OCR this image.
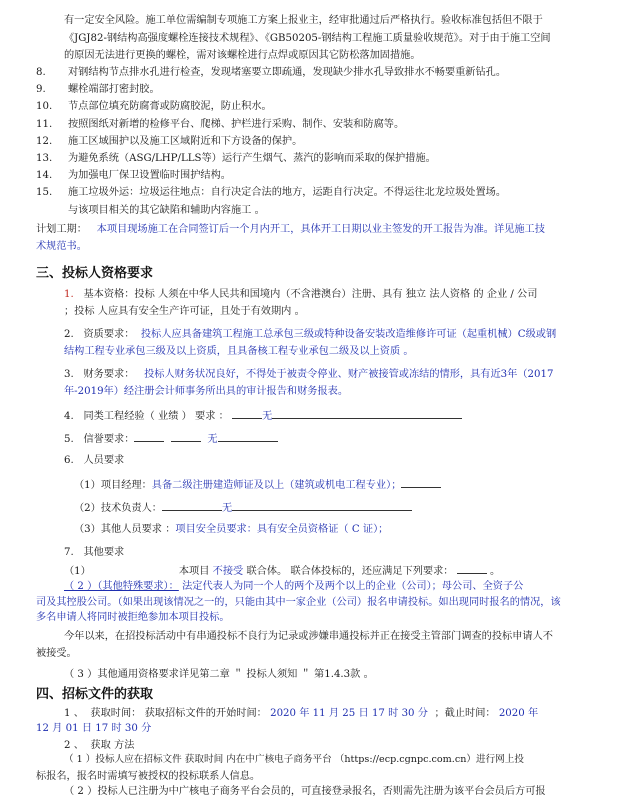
有一定安全风险。施工单位需编制专项施工方案上报业主，经审批通过后严格执行。验收标准包括但不限于
《JGJ82-钢结构高强度螺栓连接技术规程》、《GB50205-钢结构工程施工质量验收规范》。对于由于施工空间
的原因无法进行更换的螺栓，需对该螺栓进行点焊或原因其它防松落加固措施。
8. 对钢结构节点排水孔进行检查，发现堵塞要立即疏通，发现缺少排水孔导致排水不畅要重新钻孔。
9. 螺栓端部打密封胶。
10. 节点部位填充防腐膏或防腐胶泥，防止积水。
11. 按照图纸对新增的检修平台、爬梯、护栏进行采购、制作、安装和防腐等。
12. 施工区域围护以及施工区域附近和下方设备的保护。
13. 为避免系统（ASG/LHP/LLS等）运行产生烟气、蒸汽的影响而采取的保护措施。
14. 为加强电厂保卫设置临时围护结构。
15. 施工垃圾外运：垃圾运往地点：自行决定合法的地方，运距自行决定。不得运往北龙垃圾处置场。
与该项目相关的其它缺陷和辅助内容施工 。
计划工期： 本项目现场施工在合同签订后一个月内开工，具体开工日期以业主签发的开工报告为准。详见施工技
术规范书。
三、投标人资格要求
1. 基本资格：投标 人须在中华人民共和国境内（不含港澳台）注册、具有 独立 法人资格 的 企业 / 公司
；投标 人应具有安全生产许可证，且处于有效期内 。
2. 资质要求： 投标人应具备建筑工程施工总承包三级或特种设备安装改造维修许可证（起重机械）C级或钢
结构工程专业承包三级及以上资质，且具备核工程专业承包二级及以上资质 。
3. 财务要求： 投标人财务状况良好，不得处于被责令停业、财产被接管或冻结的情形，具有近3年（2017
年-2019年）经注册会计师事务所出具的审计报告和财务报表。
4. 同类工程经验（ 业绩 ） 要求 ：	无
5. 信誉要求：	无
6. 人员要求
（1）项目经理：具备二级注册建造师证及以上（建筑或机电工程专业）；
（2）技术负责人：	无
（3）其他人员要求 ：项目安全员要求：具有安全员资格证（ C 证）；
7. 其他要求
（1）	本项目 不接受 联合体。 联合体投标的，还应满足下列要求：	。
（ 2 ）（其他特殊要求）： 法定代表人为同一个人的两个及两个以上的企业（公司）；母公司、全资子公
司及其控股公司。（如果出现该情况之一的，只能由其中一家企业（公司）报名申请投标。如出现同时报名的情况，该
多名申请人将同时被拒绝参加本项目投标。
今年以来，在招投标活动中有串通投标不良行为记录或涉嫌串通投标并正在接受主管部门调查的投标申请人不
被接受。
（ 3 ）其他通用资格要求详见第二章 ＂ 投标人须知 ＂ 第1.4.3款 。
四、招标文件的获取
1 、 获取时间： 获取招标文件的开始时间： 2020 年 11 月 25 日 17 时 30 分 ；截止时间： 2020 年
12 月 01 日 17 时 30 分
2 、 获取 方法
（ 1 ）投标人应在招标文件 获取时间 内在中广核电子商务平台 （https://ecp.cgnpc.com.cn）进行网上投
标报名，报名时需填写被授权的投标联系人信息。
（ 2 ）投标人已注册为中广核电子商务平台会员的，可直接登录报名，否则需先注册为该平台会员后方可报
